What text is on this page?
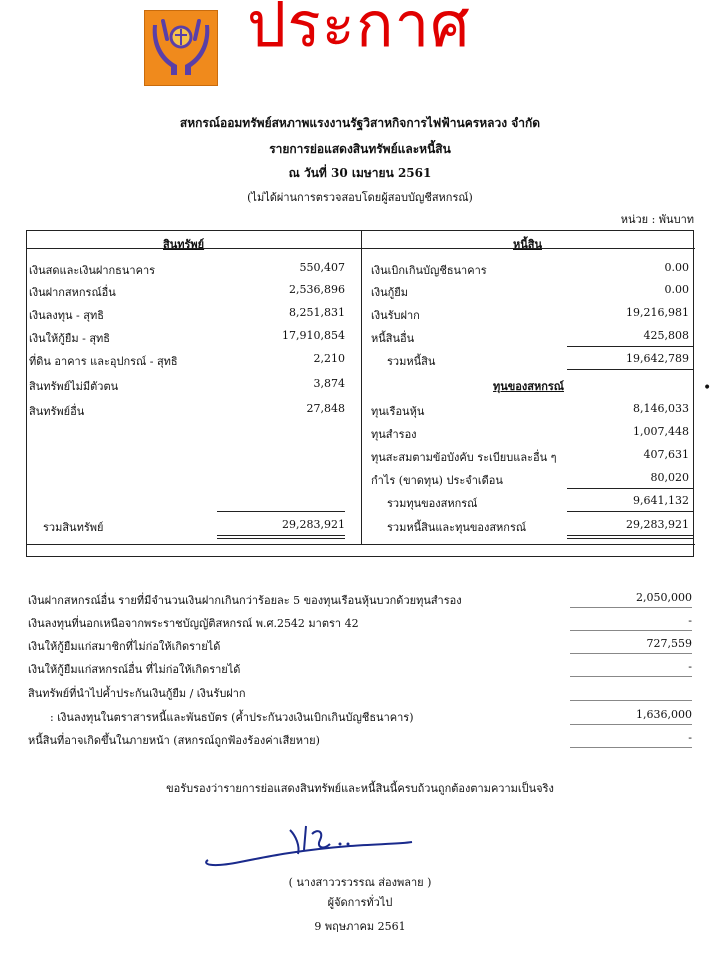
ประกาศ
สหกรณ์ออมทรัพย์สหภาพแรงงานรัฐวิสาหกิจการไฟฟ้านครหลวง จำกัด
รายการย่อแสดงสินทรัพย์และหนี้สิน
ณ วันที่ 30 เมษายน 2561
(ไม่ได้ผ่านการตรวจสอบโดยผู้สอบบัญชีสหกรณ์)
หน่วย : พันบาท
สินทรัพย์	หนี้สิน
เงินสดและเงินฝากธนาคาร	550,407
เงินฝากสหกรณ์อื่น	2,536,896
เงินลงทุน - สุทธิ	8,251,831
เงินให้กู้ยืม - สุทธิ	17,910,854
ที่ดิน อาคาร และอุปกรณ์ - สุทธิ	2,210
สินทรัพย์ไม่มีตัวตน	3,874
สินทรัพย์อื่น	27,848
รวมสินทรัพย์	29,283,921
เงินเบิกเกินบัญชีธนาคาร	0.00
เงินกู้ยืม	0.00
เงินรับฝาก	19,216,981
หนี้สินอื่น	425,808
รวมหนี้สิน	19,642,789
ทุนของสหกรณ์
ทุนเรือนหุ้น	8,146,033
ทุนสำรอง	1,007,448
ทุนสะสมตามข้อบังคับ ระเบียบและอื่น ๆ	407,631
กำไร (ขาดทุน) ประจำเดือน	80,020
รวมทุนของสหกรณ์	9,641,132
รวมหนี้สินและทุนของสหกรณ์	29,283,921
•
เงินฝากสหกรณ์อื่น รายที่มีจำนวนเงินฝากเกินกว่าร้อยละ 5 ของทุนเรือนหุ้นบวกด้วยทุนสำรอง	2,050,000
เงินลงทุนที่นอกเหนือจากพระราชบัญญัติสหกรณ์ พ.ศ.2542 มาตรา 42	-
เงินให้กู้ยืมแก่สมาชิกที่ไม่ก่อให้เกิดรายได้	727,559
เงินให้กู้ยืมแก่สหกรณ์อื่น ที่ไม่ก่อให้เกิดรายได้	-
สินทรัพย์ที่นำไปค้ำประกันเงินกู้ยืม / เงินรับฝาก
: เงินลงทุนในตราสารหนี้และพันธบัตร (ค้ำประกันวงเงินเบิกเกินบัญชีธนาคาร)	1,636,000
หนี้สินที่อาจเกิดขึ้นในภายหน้า (สหกรณ์ถูกฟ้องร้องค่าเสียหาย)	-
ขอรับรองว่ารายการย่อแสดงสินทรัพย์และหนี้สินนี้ครบถ้วนถูกต้องตามความเป็นจริง
( นางสาววรวรรณ ส่องพลาย )
ผู้จัดการทั่วไป
9 พฤษภาคม 2561
